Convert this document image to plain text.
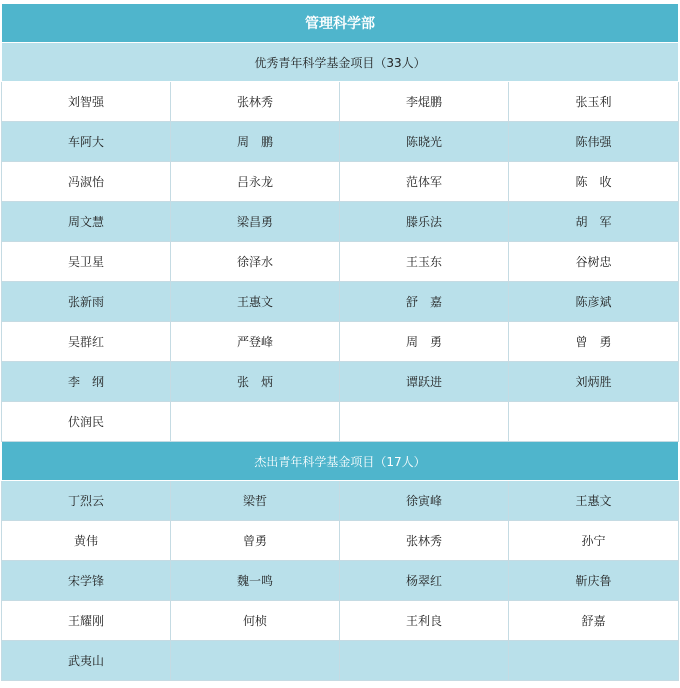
管理科学部			
优秀青年科学基金项目（33人）			
刘智强	张林秀	李焜鹏	张玉利
车阿大	周　鹏	陈晓光	陈伟强
冯淑怡	吕永龙	范体军	陈　收
周文慧	梁昌勇	滕乐法	胡　军
吴卫星	徐泽水	王玉东	谷树忠
张新雨	王惠文	舒　嘉	陈彦斌
吴群红	严登峰	周　勇	曾　勇
李　纲	张　炳	谭跃进	刘炳胜
伏润民			
杰出青年科学基金项目（17人）			
丁烈云	梁哲	徐寅峰	王惠文
黄伟	曾勇	张林秀	孙宁
宋学锋	魏一鸣	杨翠红	靳庆鲁
王耀刚	何桢	王利良	舒嘉
武夷山			
